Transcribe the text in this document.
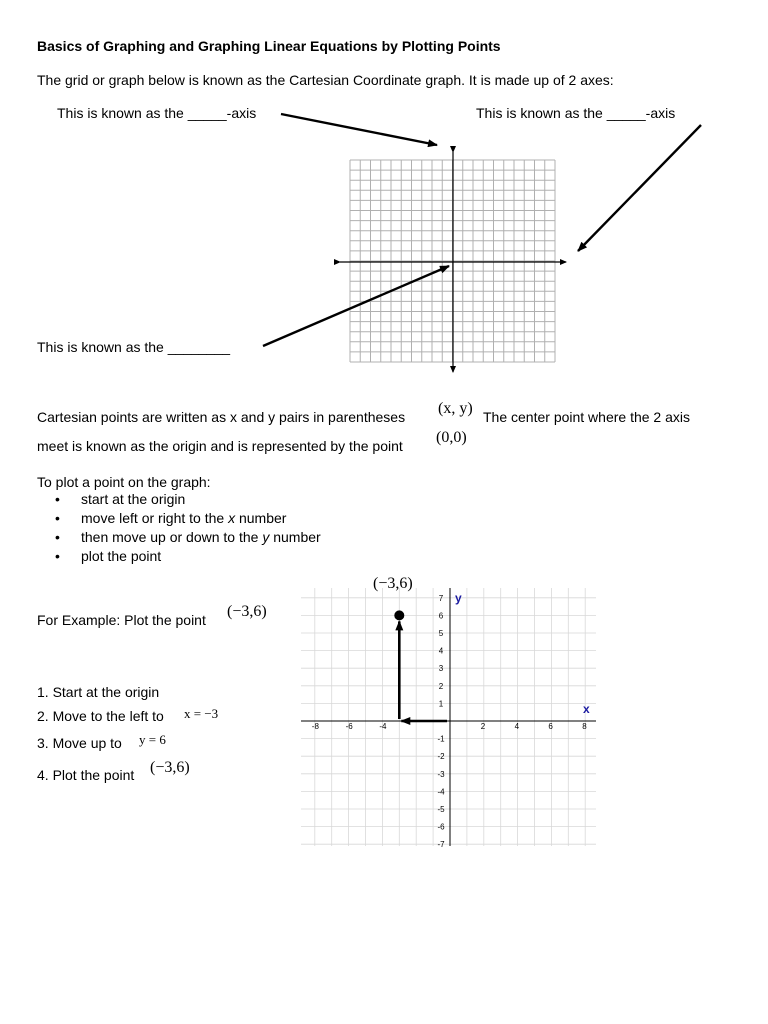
Basics of Graphing and Graphing Linear Equations by Plotting Points
The grid or graph below is known as the Cartesian Coordinate graph. It is made up of 2 axes:
This is known as the _____-axis	This is known as the _____-axis
This is known as the ________
Cartesian points are written as x and y pairs in parentheses (x, y) The center point where the 2 axis
meet is known as the origin and is represented by the point (0,0)
To plot a point on the graph:
• start at the origin
• move left or right to the x number
• then move up or down to the y number
• plot the point
For Example: Plot the point (−3,6)
1. Start at the origin
2. Move to the left to x = −3
3. Move up to y = 6
4. Plot the point (−3,6)
(−3,6)
-8	-6	-4	2	4	6	8
7
6
5
4
3
2
1
-1
-2
-3
-4
-5
-6
-7
y
x
